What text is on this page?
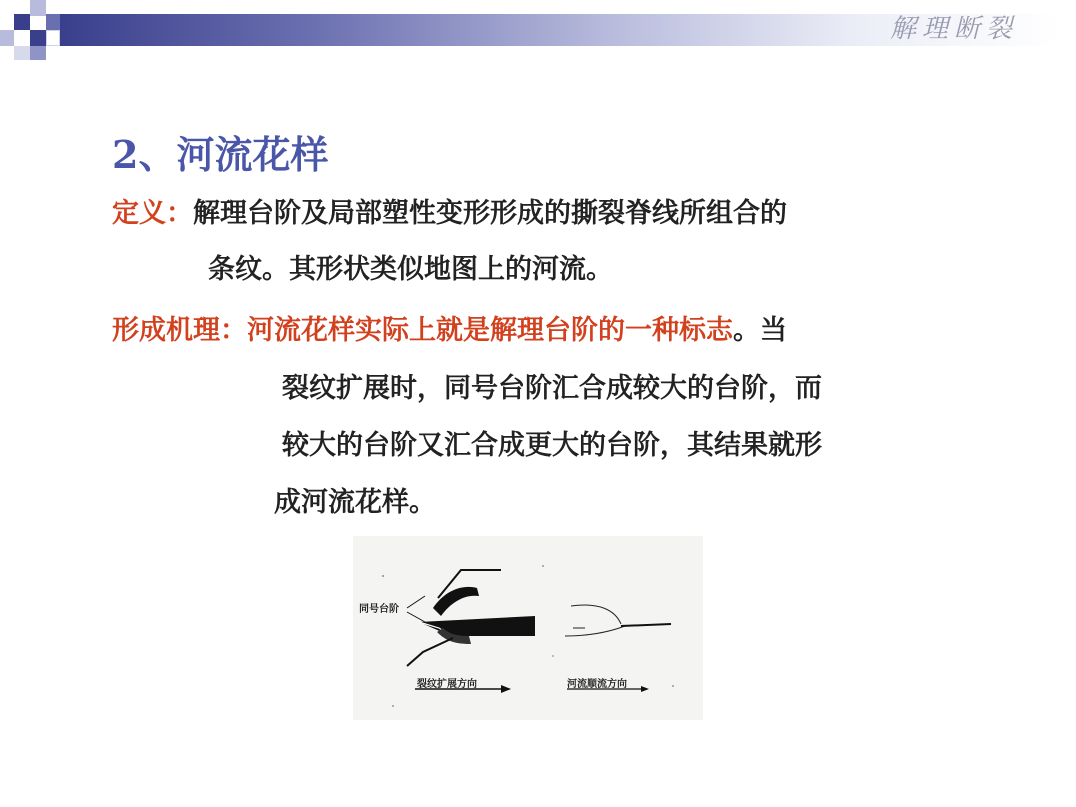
解理断裂
2、河流花样
定义：解理台阶及局部塑性变形形成的撕裂脊线所组合的
条纹。其形状类似地图上的河流。
形成机理：河流花样实际上就是解理台阶的一种标志。当
裂纹扩展时，同号台阶汇合成较大的台阶，而
较大的台阶又汇合成更大的台阶，其结果就形
成河流花样。
同号台阶
裂纹扩展方向	河流顺流方向
